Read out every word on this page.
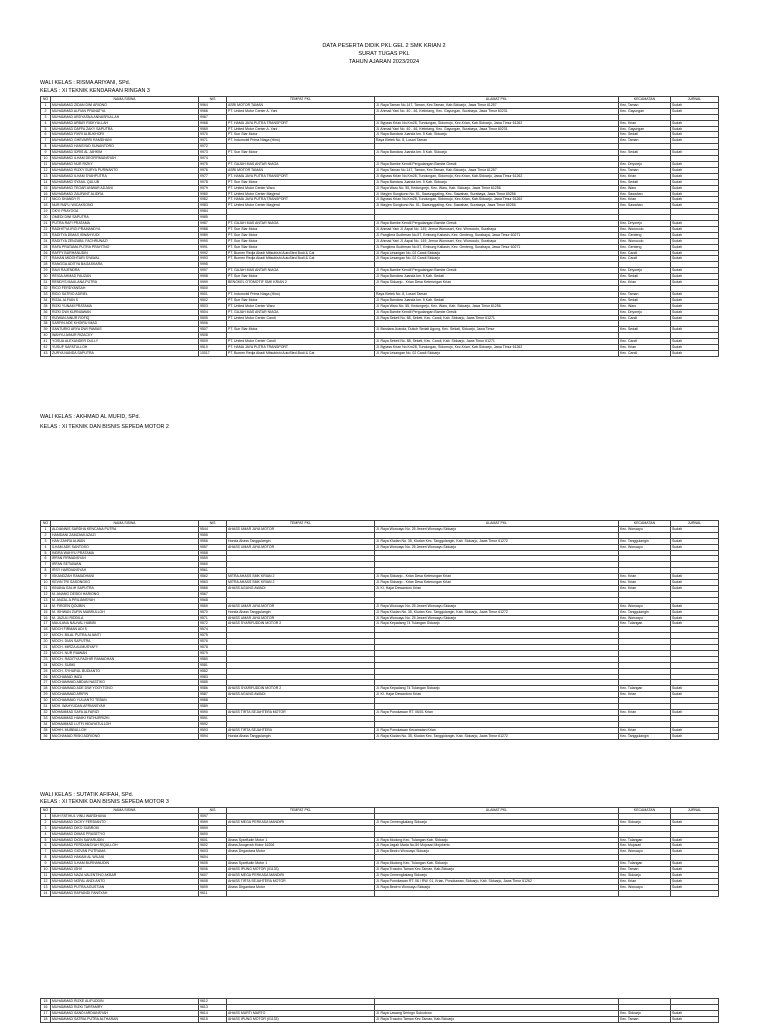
DATA PESERTA DIDIK PKL GEL 2 SMK KRIAN 2
SURAT TUGAS PKL
TAHUN AJARAN 2023/2024
WALI KELAS : RISMA ARIYANI, SPd.
KELAS : XI TEKNIK KENDARAAN RINGAN 3
NO	NAMA SISWA	NIS	TEMPAT PKL	ALAMAT PKL	KECAMATAN	JURNAL
1	MUHAMMAD ZIDAN DWI ARIONO	9964	ASRI MOTOR TAMAN	Jl. Raya Taman No.147, Taman, Kec.Taman, Kab.Sidoarjo, Jawa Timur 61257	Kec. Taman	Sudah
2	MUHAMMAD ALFIAN PRANATYA	9966	PT. United Motor Center A. Yani	Jl. Ahmad Yani No. 40 - 46, Ketintang, Kec. Gayungan, Surabaya, Jawa Timur 60231	Kec. Gayungan	Sudah
3	MUHAMMAD ARDYASNA ANNASRULLAH	9967				
4	MUHAMMAD ARBAY RISKYULLAH	9968	PT. HAMA JAYA PUTRA TRANSPORT	Jl. Bypass Krian No.Km28, Tundungan, Sidomojo, Kec.Krian, Kab.Sidoarjo, Jawa Timur 61262	Kec. Krian	Sudah
5	MUHAMMAD DAFFA ZAKY SAPUTRA	9969	PT. United Motor Center A. Yani	Jl. Ahmad Yani No. 40 - 46, Ketintang, Kec. Gayungan, Surabaya, Jawa Timur 60231	Kec. Gayungan	Sudah
6	MUHAMMAD FIKRI ALBUKHORI	9970	PT. Sun Star Motor	Jl. Raya Bandara Juanda km. 5 Kab. Sidoarjo	Kec. Sedati	Sudah
7	MUHAMMAD GHEVARRI RAMDHANI	9971	PT. Indomobil Prima Niaga (Hino)	Raya Kletek No. 8, Losari Taman	Kec. Taman	Sudah
8	MUHAMMAD HANSYAD SUNANTORO	9972				
9	MUHAMMAD IDRIS AL JAHKIM	9973	PT. Sun Star Motor	Jl. Raya Bandara Juanda km. 5 Kab. Sidoarjo	Kec. Sedati	Sudah
10	MUHAMMAD ILHAM DEOFIRMANSYAH	9974				
11	MUHAMMAD NUR RIZKY	9975	PT. GAJAH MAS ANTAR NIAGA	Jl. Raya Bambe Kendil Pergudangan Bambe Gresik	Kec. Driyorejo	Sudah
12	MUHAMMAD RIZKY SURYA PURWANTO	9976	ASRI MOTOR TAMAN	Jl. Raya Taman No.147, Taman, Kec.Taman, Kab.Sidoarjo, Jawa Timur 61257	Kec. Taman	Sudah
13	MUHAMMAD ILHAM SYAHPUTRA	9977	PT. HAMA JAYA PUTRA TRANSPORT	Jl. Bypass Krian No.Km28, Tundungan, Sidomojo, Kec.Krian, Kab.Sidoarjo, Jawa Timur 61262	Kec. Krian	Sudah
14	MUHAMMAD SYAIUL QULUB	9978	PT. Sun Star Motor	Jl. Raya Bandara Juanda km. 5 Kab. Sidoarjo	Kec. Sedati	Sudah
15	MUHAMMAD TEGAR ANWAR ADJANI	9979	PT. United Motor Center Waru	Jl. Raya Waru No. 55, Kedungrejo, Kec. Waru, Kab. Sidoarjo, Jawa Timur 61256	Kec. Waru	Sudah
16	MUHAMMAD ZAUFANT ALIDRA	9980	PT. United Motor Center Mayjend	Jl. Mayjen Sungkono No. 51, Sawunggaling, Kec. Sawahan, Surabaya, Jawa Timur 60256	Kec. Sawahan	Sudah
17	NICO SHANDY R	9982	PT. HAMA JAYA PUTRA TRANSPORT	Jl. Bypass Krian No.Km28, Tundungan, Sidomojo, Kec.Krian, Kab.Sidoarjo, Jawa Timur 61262	Kec. Krian	Sudah
18	NUR RAFLI WICAKSONO	9983	PT. United Motor Center Mayjend	Jl. Mayjen Sungkono No. 51, Sawunggaling, Kec. Sawahan, Surabaya, Jawa Timur 60256	Kec. Sawahan	Sudah
19	OKYI PRAYOGA	9984				
20	OMEDI DWI SAPUTRA	9985				
21	PUTRA RAFI PRATAMA	9987	PT. GAJAH MAS ANTAR NIAGA	Jl. Raya Bambe Kendil Pergudangan Bambe Gresik	Kec. Driyorejo	Sudah
22	RADHITYA IRGI PRAMANDYA	9988	PT. Sun Star Motor	Jl. Ahmad Yani Jl. Aspal No. 149, Jemur Wonosari, Kec. Wonocolo, Surabaya	Kec. Wonocolo	Sudah
23	RADITYA DIMAS ISWAHYUDI	9989	PT. Sun Star Motor	Jl. Panglima Sudirman No.57, Embong Kaliasin, Kec. Genteng, Surabaya, Jawa Timur 60271	Kec. Genteng	Sudah
24	RADITYA ZENZABIL FACHRUNAZI	9990	PT. Sun Star Motor	Jl. Ahmad Yani Jl. Aspal No. 149, Jemur Wonosari, Kec. Wonocolo, Surabaya	Kec. Wonocolo	Sudah
25	RAFA PRATAMA PUTRA PRAYITNO	9991	PT. Sun Star Motor	Jl. Panglima Sudirman No.57, Embong Kaliasin, Kec. Genteng, Surabaya, Jawa Timur 60271	Kec. Genteng	Sudah
26	RAFFY BURHANUDIN	9992	PT. Bumen Redja Abadi Mitsubishi AutoSted Bodi & Cat	Jl. Raya Lesangan No. 02 Candi Sidoarjo	Kec. Candi	Sudah
27	RAHAN MIDOHTARI SYAWAL	9993	PT. Bumen Redja Abadi Mitsubishi AutoSted Bodi & Cat	Jl. Raya Lesangan No. 02 Candi Sidoarjo	Kec. Candi	Sudah
28	RANGGA ADITYA BAGASKARA	9995				
29	RAVI RAJENDRA	9997	PT. GAJAH MAS ANTAR NIAGA	Jl. Raya Bambe Kendil Pergudangan Bambe Gresik	Kec. Driyorejo	Sudah
30	REIGA AHMAD FAUZAN	9998	PT. Sun Star Motor	Jl. Raya Bandara Juanda km. 5 Kab. Sedati	Kec. Sedati	Sudah
31	RENDYS MAULANA PUTRA	9999	BENGKEL OTOMOTIF SMK KRIAN 2	Jl. Raya Sidoarjo - Krian Desa Keterungan Krian	Kec. Krian	Sudah
32	RICO FERDYANSAH	9500				
33	RIDO SATRIO ADRIEL	9501	PT. Indomobil Prima Niaga (Hino)	Raya Kletek No. 8, Losari Taman	Kec. Taman	Sudah
34	RIZAL ALFIAN S	9502	PT. Sun Star Motor	Jl. Raya Bandara Juanda km. 5 Kab. Sedati	Kec. Sedati	Sudah
35	RIZKI YUNAM PRATAMA	9503	PT. United Motor Center Waru	Jl. Raya Waru No. 55, Kedungrejo, Kec. Waru, Kab. Sidoarjo, Jawa Timur 61256	Kec. Waru	Sudah
36	RIZKI DWI KURNIAWAN	9504	PT. GAJAH MAS ANTAR NIAGA	Jl. Raya Bambe Kendil Pergudangan Bambe Gresik	Kec. Driyorejo	Sudah
37	RIZWAN AINUR ROFIQ	9505	PT. United Motor Center Candi	Jl. Raya Seketi No. 88, Seketi, Kec. Candi, Kab. Sidoarjo, Jawa Timur 61271	Kec. Candi	Sudah
38	SARFIN ADE KHOIRU IMAD	9506				
39	SANTURIO ARYA DWI PAMIAS	9507	PT. Sun Star Motor	Jl. Bandara Juanda, Dukuh Sedati Agung, Kec. Sedati, Sidoarjo, Jawa Timur	Kec. Sedati	Sudah
40	WAHYU AINUR RIZACKY	9508				
41	YOSUA ALEXANDER DULLY	9509	PT. United Motor Center Candi	Jl. Raya Seketi No. 88, Seketi, Kec. Candi, Kab. Sidoarjo, Jawa Timur 61271	Kec. Candi	Sudah
42	YUSUF SAFATULLOH	9510	PT. HAMA JAYA PUTRA TRANSPORT	Jl. Bypass Krian No.Km28, Tundungan, Sidomojo, Kec.Krian, Kab.Sidoarjo, Jawa Timur 61262	Kec. Krian	Sudah
43	ZURYA NANDA SAPUTRA	10017	PT. Bumen Redja Abadi Mitsubishi AutoSted Bodi & Cat	Jl. Raya Lesangan No. 02 Candi Sidoarjo	Kec. Candi	Sudah
WALI KELAS : AKHMAD AL MUFID, SPd.
KELAS : XI TEKNIK DAN BISNIS SEPEDA MOTOR 2
NO	NAMA SISWA	NIS	TEMPAT PKL	ALAMAT PKL	KECAMATAN	JURNAL
1	ALDIANNIS SARDHA KENCANA PUTRA	9544	AHASS UMAR JAYA MOTOR	Jl. Raya Wonoayu No. 25 Jeweri Wonoayu Sidoarjo	Kec. Wonoayu	Sudah
2	HAMDANI ZAMZAMI AZAZI	9555				
3	HAN ZAHRA ALWAN	9556	Honda Ahass Tanggulangin	Jl. Raya Kludan No. 35, Kludan Kec. Tanggulangin, Kab. Sidoarjo, Jawa Timur 61272	Kec. Tanggulangin	Sudah
4	ILHAM ADE SANTOSO	9557	AHASS UMAR JAYA MOTOR	Jl. Raya Wonoayu No. 25 Jeweri Wonoayu Sidoarjo	Kec. Wonoayu	Sudah
5	INDRA WAHYU PRATAMA	9558				
6	IRFAN FIRMANSYAH	9559				
7	IRFAN SETIAWAN	9560				
8	IRSY HARDIANSYAH	9561				
9	ISKANDZAH RAMADHANI	9562	MITRA AHASS SMK KRIAN 2	Jl. Raya Sidoarjo - Krian Desa Keterungan Krian	Kec. Krian	Sudah
10	KEVIN TRI SASONGKO	9563	MITRA AHASS SMK KRIAN 2	Jl. Raya Sidoarjo - Krian Desa Keterungan Krian	Kec. Krian	Sudah
11	KINANA GALIH SAPUTRA	9565	AHASS AGUNG AWADI	Jl. KI. Hajar Dewantoro Krian	Kec. Krian	Sudah
12	M. ANANG DESIDI HARIONO	9567				
13	M. ANZAL A.PRILIANSYAH	9568				
14	M. FIRGEN QOUBIN	9569	AHASS UMAR JAYA MOTOR	Jl. Raya Wonoayu No. 25 Jeweri Wonoayu Sidoarjo	Kec. Wonoayu	Sudah
15	M. ISHWAN ZUFIN MABRULLOH	9570	Honda Ahass Tanggulangin	Jl. Raya Kludan No. 35, Kludan Kec. Tanggulangin, Kab. Sidoarjo, Jawa Timur 61272	Kec. Tanggulangin	Sudah
16	M. JAZULI RIDDILA	9571	AHASS UMAR JAYA MOTOR	Jl. Raya Wonoayu No. 25 Jeweri Wonoayu Sidoarjo	Kec. Wonoayu	Sudah
17	MAULANA NAUVAL HABIBI	9572	AHASS SYARIFUDDIN MOTOR 2	Jl. Raya Kepadang 74 Tulangan Sidoarjo	Kec. Tulangan	Sudah
18	MOCH FIRMAN ADI S	9574				
19	MOCH. BILAL PUTRA ALIANTI	9575				
20	MOCH. DIAN SAPUTRA	9576				
21	MOCH. MIRZA ALIMUSYAFY	9578				
22	MOCH. NUR RIAWAN	9579				
23	MOCH. RADITYA FADHIR RAMADHAN	9580				
24	MOCH. SUBKI	9581				
25	MOCH. SYHARUL BUDIANTO	9582				
26	MOCHAMAD IMZU	9583				
27	MOCHAMMAD ABDAN NASTIKO	9585				
28	MOCHAMMAD ADE DWI YOGYTONO	9586	AHASS SYARIFUDDIN MOTOR 2	Jl. Raya Kepadang 74 Tulangan Sidoarjo	Kec. Tulangan	Sudah
29	MOCHAMMAD ARIFIN	9587	AHASS AGUNG AWADI	Jl. KI. Hajar Dewantoro Krian	Kec. Krian	Sudah
30	MOCHAMMAD YULIANTO TEBAN	9588				
31	MOH. WAHYUDAN AFRIANSYAH	9589				
32	MOHAMMAD SAFA ALFARIZI	9590	AHASS TIRTA SEJAHTERA MOTOR	Jl. Raya Ponokawan RT. 06/01 Krian	Kec. Krian	Sudah
33	MOHAMMAD HANIKI FATHURRIZKI	9591				
34	MOHAMMAD LUTFI HIDAYATULLOH	9592				
35	MOHH. MUBBULLOH	9593	AHASS TIRTA SEJAHTERA	Jl. Raya Ponokawan Kecamatan Krian	Kec. Krian	Sudah
36	MUCHAMAD RISKI ADRIONO	9594	Honda Ahass Tanggulangin	Jl. Raya Kludan No. 35, Kludan Kec. Tanggulangin, Kab. Sidoarjo, Jawa Timur 61272	Kec. Tanggulangin	Sudah
WALI KELAS : SUTATIK AFIFAH, SPd.
KELAS : XI TEKNIK DAN BISNIS SEPEDA MOTOR 3
NO	NAMA SISWA	NIS	TEMPAT PKL	ALAMAT PKL	KECAMATAN	JURNAL
1	NIUH FATIHUL VINU WARDHANA	9597				
2	MUHAMMAD DICKY FERDIANTO	9599	AHASS MEGA PERKASA MANDIRI	Jl. Raya Cemengkalang Sidoarjo	Kec. Sidoarjo	Sudah
3	MUHAMMAD DIKO SUBROKI	9599				
4	MUHAMMAD DIMAS PRASETYO	9600				
5	MUHAMMAD DION SAFARUDIN	9601	Ahass Syarifudin Motor 1	Jl. Raya Modong Kec. Tulangan Kab. Sidoarjo	Kec. Tulangan	Sudah
6	MUHAMMAD FERDIANSYAH RIQULLOH	9602	Ahass Anugerah Motor 16206	Jl. Raya Jagah Mada No.50 Mojosari Mojokerto	Kec. Mojosari	Sudah
7	MUHAMMAD GIOVAN PUTRAMA	9603	Ahass Dirgantara Motor	Jl. Raya Beciro Wonoayu Sidoarjo	Kec. Wonoayu	Sudah
8	MUHAMMAD HAKAM AL WILANI	9604				
9	MUHAMMAD ILHAM BURHANUDIN	9605	Ahass Syarifudin Motor 1	Jl. Raya Modong Kec. Tulangan Kab. Sidoarjo	Kec. Tulangan	Sudah
10	MUHAMMAD ISHV	9606	AHASS IPUNG MOTOR (01133)	Jl. Raya Trosobo Taman Kec.Taman, Kab.Sidoarjo	Kec. Taman	Sudah
11	MUHAMMAD NAZA VALENTINO AKBAR	9607	AHASS MEGA PERKASA MANDIRI	Jl. Raya Cemengkalang Sidoarjo	Kec. Sidoarjo	Sudah
12	MUHAMMAD NOFAL ANDI ANTO	9608	AHASS TIRTA SEJAHTERA MOTOR	Jl. Raya Ponokawan RT. 06 / RW. 01, Krian, Ponokawan, Sidoarjo, Kab. Sidoarjo, Jawa Timur 61262	Kec. Krian	Sudah
13	MUHAMMAD PUTRA AGUSTIAN	9609	Ahass Dirgantara Motor	Jl. Raya Becirro Wonoayu Sidoarjo	Kec. Wonoayu	Sudah
14	MUHAMMAD RAFIANDI FANSYAH	9611				
15	MUHAMMAD RIZKE ALIFUDDIN	9612				
16	MUHAMMAD RIZKI TARFAMRY	9613				
17	MUHAMMAD SANDI ARDIANSYAH	9614	AHASS MURTI MARTO	Jl. Raya Lawang Seringo Sukodono	Kec. Sidoarjo	Sudah
18	MUHAMMAD SATRIA PUTRA ALTHARAN	9615	AHASS IPUNG MOTOR (01133)	Jl. Raya Trosobo Taman Kec.Taman, Kab.Sidoarjo	Kec. Taman	Sudah
